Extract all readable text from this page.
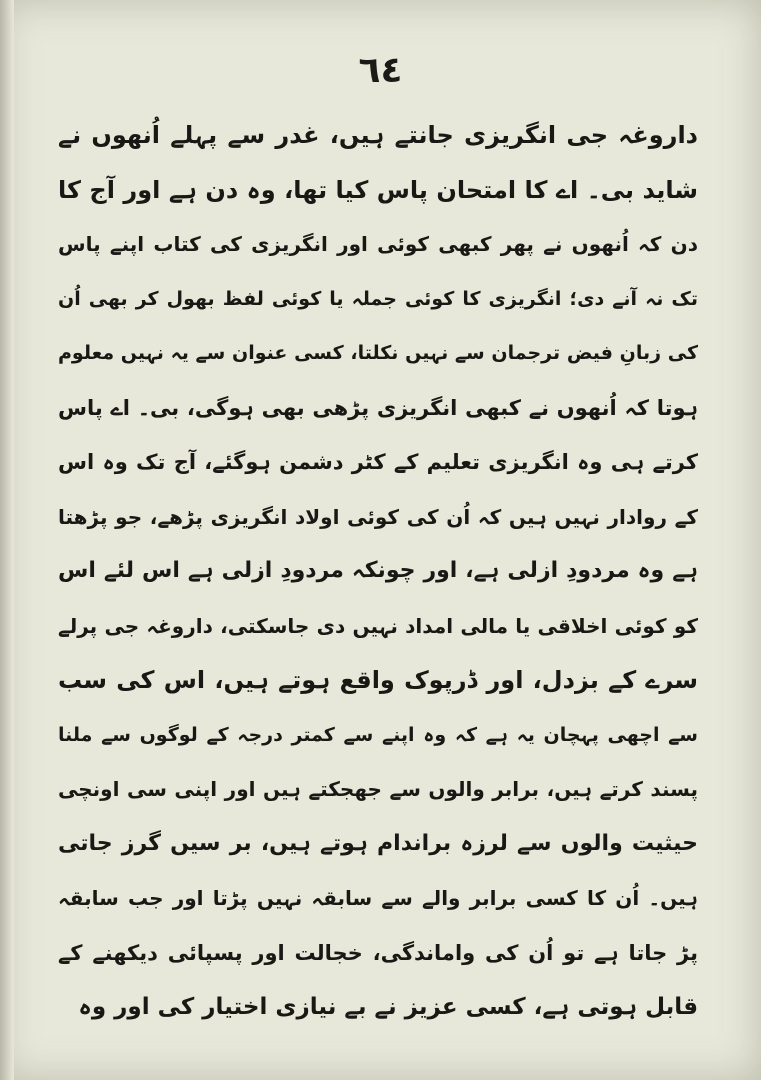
٦٤
داروغہ جی انگریزی جانتے ہیں، غدر سے پہلے اُنھوں نے
شاید بی۔ اے کا امتحان پاس کیا تھا، وہ دن ہے اور آج کا
دن کہ اُنھوں نے پھر کبھی کوئی اور انگریزی کی کتاب اپنے پاس
تک نہ آنے دی؛ انگریزی کا کوئی جملہ یا کوئی لفظ بھول کر بھی اُن
کی زبانِ فیض ترجمان سے نہیں نکلتا، کسی عنوان سے یہ نہیں معلوم
ہوتا کہ اُنھوں نے کبھی انگریزی پڑھی بھی ہوگی، بی۔ اے پاس
کرتے ہی وہ انگریزی تعلیم کے کٹر دشمن ہوگئے، آج تک وہ اس
کے روادار نہیں ہیں کہ اُن کی کوئی اولاد انگریزی پڑھے، جو پڑھتا
ہے وہ مردودِ ازلی ہے، اور چونکہ مردودِ ازلی ہے اس لئے اس
کو کوئی اخلاقی یا مالی امداد نہیں دی جاسکتی، داروغہ جی پرلے
سرے کے بزدل، اور ڈرپوک واقع ہوتے ہیں، اس کی سب
سے اچھی پہچان یہ ہے کہ وہ اپنے سے کمتر درجہ کے لوگوں سے ملنا
پسند کرتے ہیں، برابر والوں سے جھجکتے ہیں اور اپنی سی اونچی
حیثیت والوں سے لرزہ براندام ہوتے ہیں، بر سیں گرز جاتی
ہیں۔ اُن کا کسی برابر والے سے سابقہ نہیں پڑتا اور جب سابقہ
پڑ جاتا ہے تو اُن کی واماندگی، خجالت اور پسپائی دیکھنے کے
قابل ہوتی ہے، کسی عزیز نے بے نیازی اختیار کی اور وہ
